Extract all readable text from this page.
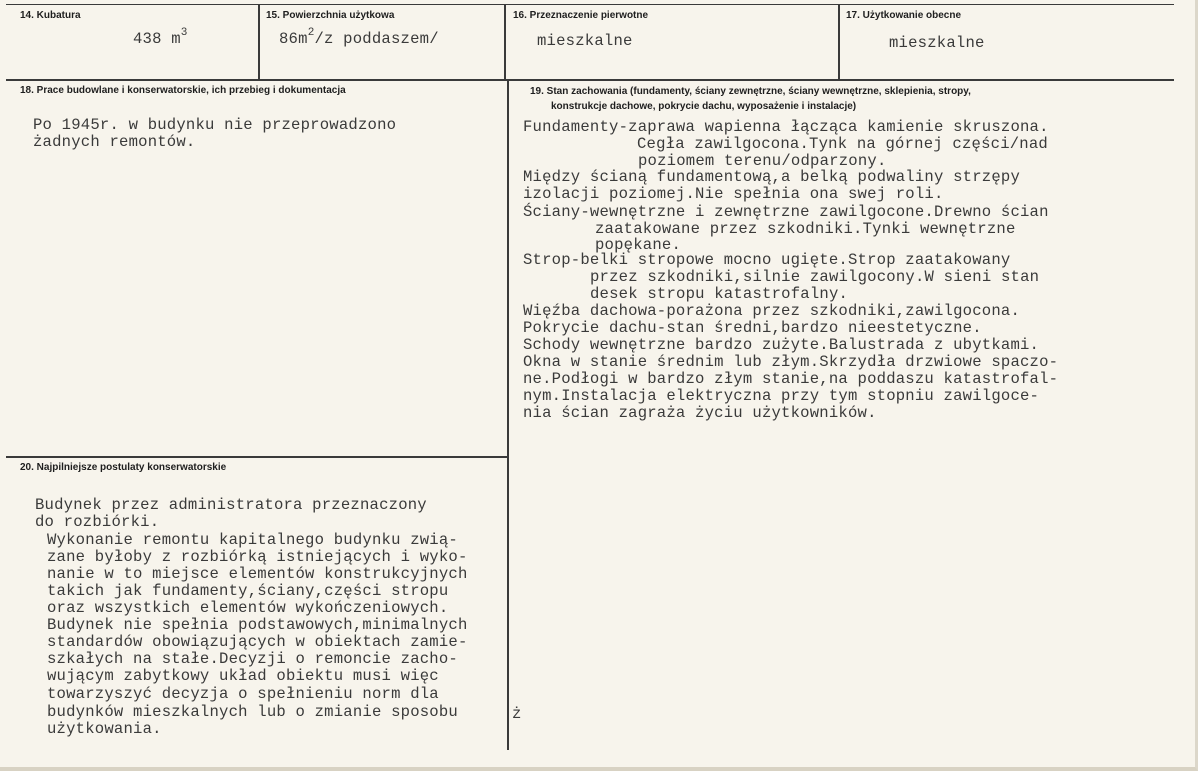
14. Kubatura
438 $m^3$
15. Powierzchnia użytkowa
$86m^2/z$ poddaszem/
16. Przeznaczenie pierwotne
mieszkalne
17. Użytkowanie obecne
mieszkalne
18. Prace budowlane i konserwatorskie, ich przebieg i dokumentacja
Po 1945r. w budynku nie przeprowadzono
żadnych remontów.
19. Stan zachowania (fundamenty, ściany zewnętrzne, ściany wewnętrzne, sklepienia, stropy,
konstrukcje dachowe, pokrycie dachu, wyposażenie i instalacje)
Fundamenty-zaprawa wapienna łącząca kamienie skruszona.
Cegła zawilgocona.Tynk na górnej części/nad
poziomem terenu/odparzony.
Między ścianą fundamentową,a belką podwaliny strzępy
izolacji poziomej.Nie spełnia ona swej roli.
Ściany-wewnętrzne i zewnętrzne zawilgocone.Drewno ścian
zaatakowane przez szkodniki.Tynki wewnętrzne
popękane.
Strop-belki stropowe mocno ugięte.Strop zaatakowany
przez szkodniki,silnie zawilgocony.W sieni stan
desek stropu katastrofalny.
Więźba dachowa-porażona przez szkodniki,zawilgocona.
Pokrycie dachu-stan średni,bardzo nieestetyczne.
Schody wewnętrzne bardzo zużyte.Balustrada z ubytkami.
Okna w stanie średnim lub złym.Skrzydła drzwiowe spaczo-
ne.Podłogi w bardzo złym stanie,na poddaszu katastrofal-
nym.Instalacja elektryczna przy tym stopniu zawilgoce-
nia ścian zagraża życiu użytkowników.
20. Najpilniejsze postulaty konserwatorskie
Budynek przez administratora przeznaczony
do rozbiórki.
Wykonanie remontu kapitalnego budynku zwią-
zane byłoby z rozbiórką istniejących i wyko-
nanie w to miejsce elementów konstrukcyjnych
takich jak fundamenty,ściany,części stropu
oraz wszystkich elementów wykończeniowych.
Budynek nie spełnia podstawowych,minimalnych
standardów obowiązujących w obiektach zamie-
szkałych na stałe.Decyzji o remoncie zacho-
wującym zabytkowy układ obiektu musi więc
towarzyszyć decyzja o spełnieniu norm dla
budynków mieszkalnych lub o zmianie sposobu
użytkowania.
ż
